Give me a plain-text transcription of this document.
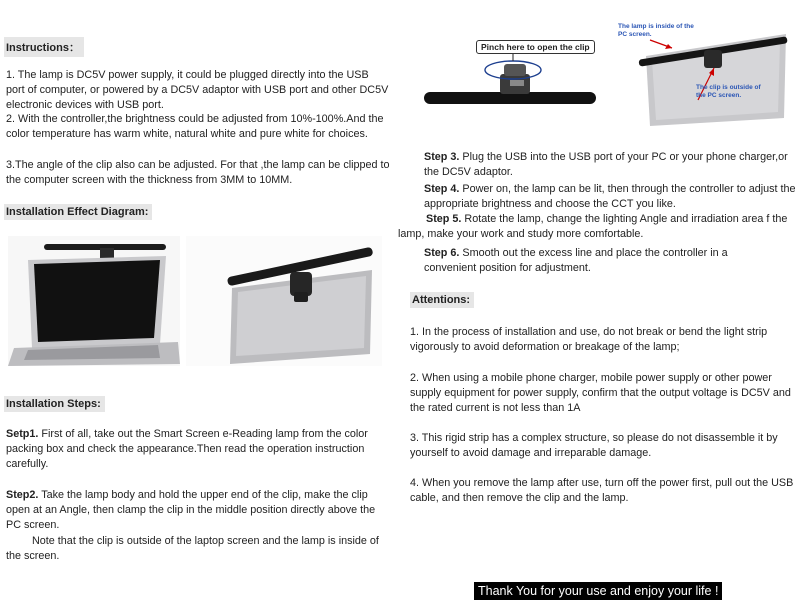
Instructions：

1. The lamp is DC5V power supply, it could be plugged directly into the USB port of computer, or powered by a DC5V adaptor with USB port and other DC5V electronic devices with USB port.

2. With the controller,the brightness could be adjusted from 10%-100%.And the color temperature has warm white, natural white and pure white for choices.

3.The angle of the clip also can be adjusted. For that ,the lamp can be clipped to the computer screen with the thickness from 3MM to 10MM.

Installation Effect Diagram:
Installation Steps:

Setp1. First of all, take out the Smart Screen e-Reading lamp from the color packing box and check the appearance.Then read the operation instruction carefully.

Step2. Take the lamp body and hold the upper end of the clip, make the clip open at an Angle, then clamp the clip in the middle position directly above the PC screen.

Note that the clip is outside of the laptop screen and the lamp is inside of the screen.

Pinch here to open the clip
The lamp is inside of the PC screen.
The clip is outside of the PC screen.

Step 3. Plug the USB into the USB port of your PC or your phone charger,or the DC5V adaptor.

Step 4. Power on, the lamp can be lit, then through the controller to adjust the appropriate brightness and choose the CCT you like.

Step 5. Rotate the lamp, change the lighting Angle and irradiation area f the lamp, make your work and study more comfortable.

Step 6. Smooth out the excess line and place the controller in a convenient position for adjustment.

Attentions:

1. In the process of installation and use, do not break or bend the light strip vigorously to avoid deformation or breakage of the lamp;

2. When using a mobile phone charger, mobile power supply or other power supply equipment for power supply, confirm that the output voltage is DC5V and the rated current is not less than 1A

3. This rigid strip has a complex structure, so please do not disassemble it by yourself to avoid damage and irreparable damage.

4. When you remove the lamp after use, turn off the power first, pull out the USB cable, and then remove the clip and the lamp.

Thank You for your use and enjoy your life !
